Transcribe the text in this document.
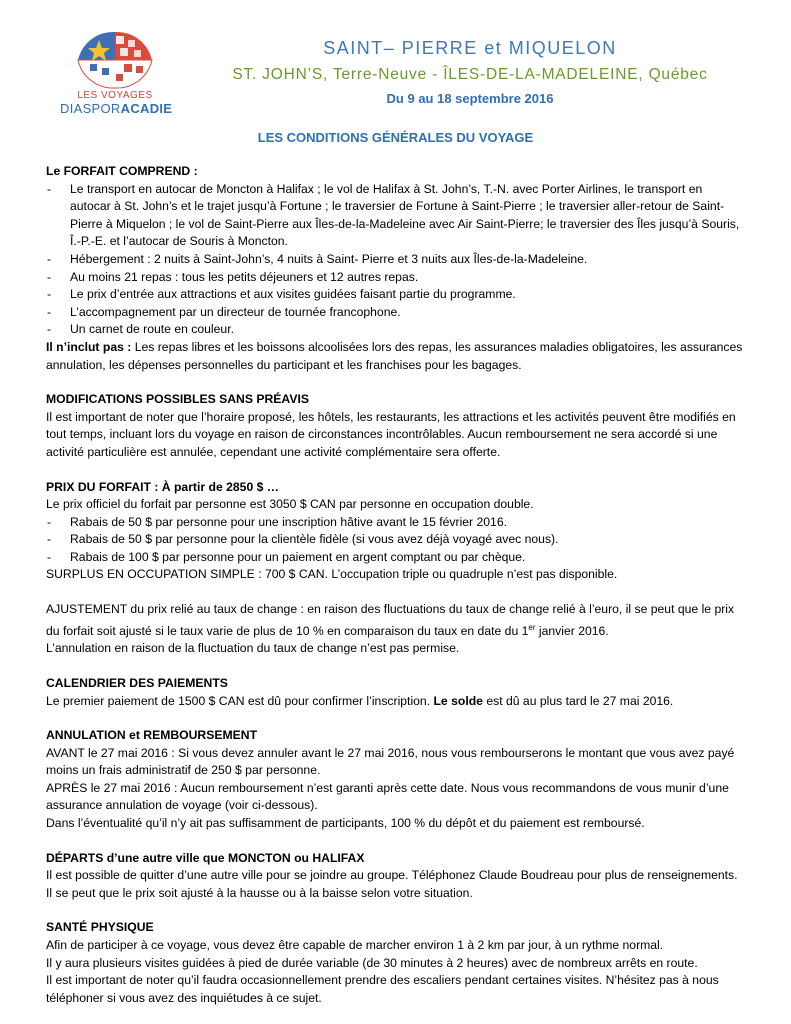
LES VOYAGES
DIASPORACADIE
SAINT– PIERRE et MIQUELON
ST. JOHN’S, Terre-Neuve - ÎLES-DE-LA-MADELEINE, Québec
Du 9 au 18 septembre 2016
LES CONDITIONS GÉNÉRALES DU VOYAGE

Le FORFAIT COMPREND :

- Le transport en autocar de Moncton à Halifax ; le vol de Halifax à St. John’s, T.-N. avec Porter Airlines, le transport en autocar à St. John’s et le trajet jusqu’à Fortune ; le traversier de Fortune à Saint-Pierre ; le traversier aller-retour de Saint-Pierre à Miquelon ; le vol de Saint-Pierre aux Îles-de-la-Madeleine avec Air Saint-Pierre; le traversier des Îles jusqu’à Souris, Î.-P.-E. et l’autocar de Souris à Moncton.
- Hébergement : 2 nuits à Saint-John’s, 4 nuits à Saint- Pierre et 3 nuits aux Îles-de-la-Madeleine.
- Au moins 21 repas : tous les petits déjeuners et 12 autres repas.
- Le prix d’entrée aux attractions et aux visites guidées faisant partie du programme.
- L’accompagnement par un directeur de tournée francophone.
- Un carnet de route en couleur.

Il n’inclut pas : Les repas libres et les boissons alcoolisées lors des repas, les assurances maladies obligatoires, les assurances annulation, les dépenses personnelles du participant et les franchises pour les bagages.

MODIFICATIONS POSSIBLES SANS PRÉAVIS

Il est important de noter que l’horaire proposé, les hôtels, les restaurants, les attractions et les activités peuvent être modifiés en tout temps, incluant lors du voyage en raison de circonstances incontrôlables. Aucun remboursement ne sera accordé si une activité particulière est annulée, cependant une activité complémentaire sera offerte.

PRIX DU FORFAIT : À partir de 2850 $ …

Le prix officiel du forfait par personne est 3050 $ CAN par personne en occupation double.

- Rabais de 50 $ par personne pour une inscription hâtive avant le 15 février 2016.
- Rabais de 50 $ par personne pour la clientèle fidèle (si vous avez déjà voyagé avec nous).
- Rabais de 100 $ par personne pour un paiement en argent comptant ou par chèque.

SURPLUS EN OCCUPATION SIMPLE : 700 $ CAN. L’occupation triple ou quadruple n’est pas disponible.

AJUSTEMENT du prix relié au taux de change : en raison des fluctuations du taux de change relié à l’euro, il se peut que le prix du forfait soit ajusté si le taux varie de plus de 10 % en comparaison du taux en date du 1er janvier 2016.

L’annulation en raison de la fluctuation du taux de change n’est pas permise.

CALENDRIER DES PAIEMENTS

Le premier paiement de 1500 $ CAN est dû pour confirmer l’inscription. Le solde est dû au plus tard le 27 mai 2016.

ANNULATION et REMBOURSEMENT

AVANT le 27 mai 2016 : Si vous devez annuler avant le 27 mai 2016, nous vous rembourserons le montant que vous avez payé moins un frais administratif de 250 $ par personne.

APRÈS le 27 mai 2016 : Aucun remboursement n’est garanti après cette date. Nous vous recommandons de vous munir d’une assurance annulation de voyage (voir ci-dessous).

Dans l’éventualité qu’il n’y ait pas suffisamment de participants, 100 % du dépôt et du paiement est remboursé.

DÉPARTS d’une autre ville que MONCTON ou HALIFAX

Il est possible de quitter d’une autre ville pour se joindre au groupe. Téléphonez Claude Boudreau pour plus de renseignements. Il se peut que le prix soit ajusté à la hausse ou à la baisse selon votre situation.

SANTÉ PHYSIQUE

Afin de participer à ce voyage, vous devez être capable de marcher environ 1 à 2 km par jour, à un rythme normal.

Il y aura plusieurs visites guidées à pied de durée variable (de 30 minutes à 2 heures) avec de nombreux arrêts en route.

Il est important de noter qu’il faudra occasionnellement prendre des escaliers pendant certaines visites. N’hésitez pas à nous téléphoner si vous avez des inquiétudes à ce sujet.
